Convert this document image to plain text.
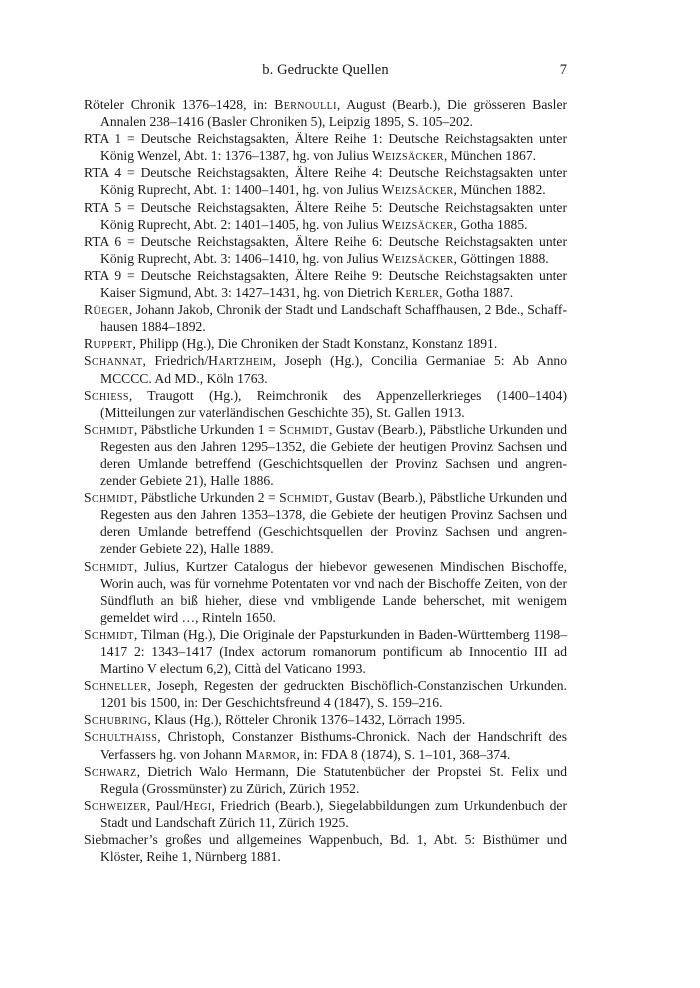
b. Gedruckte Quellen	7
Röteler Chronik 1376–1428, in: Bernoulli, August (Bearb.), Die grösseren Basler Annalen 238–1416 (Basler Chroniken 5), Leipzig 1895, S. 105–202.
RTA 1 = Deutsche Reichstagsakten, Ältere Reihe 1: Deutsche Reichstagsakten unter König Wenzel, Abt. 1: 1376–1387, hg. von Julius Weizsäcker, München 1867.
RTA 4 = Deutsche Reichstagsakten, Ältere Reihe 4: Deutsche Reichstagsakten unter König Ruprecht, Abt. 1: 1400–1401, hg. von Julius Weizsäcker, München 1882.
RTA 5 = Deutsche Reichstagsakten, Ältere Reihe 5: Deutsche Reichstagsakten unter König Ruprecht, Abt. 2: 1401–1405, hg. von Julius Weizsäcker, Gotha 1885.
RTA 6 = Deutsche Reichstagsakten, Ältere Reihe 6: Deutsche Reichstagsakten unter König Ruprecht, Abt. 3: 1406–1410, hg. von Julius Weizsäcker, Göttingen 1888.
RTA 9 = Deutsche Reichstagsakten, Ältere Reihe 9: Deutsche Reichstagsakten unter Kaiser Sigmund, Abt. 3: 1427–1431, hg. von Dietrich Kerler, Gotha 1887.
Rüeger, Johann Jakob, Chronik der Stadt und Landschaft Schaffhausen, 2 Bde., Schaff-hausen 1884–1892.
Ruppert, Philipp (Hg.), Die Chroniken der Stadt Konstanz, Konstanz 1891.
Schannat, Friedrich/Hartzheim, Joseph (Hg.), Concilia Germaniae 5: Ab Anno MCCCC. Ad MD., Köln 1763.
Schiess, Traugott (Hg.), Reimchronik des Appenzellerkrieges (1400–1404) (Mitteilungen zur vaterländischen Geschichte 35), St. Gallen 1913.
Schmidt, Päbstliche Urkunden 1 = Schmidt, Gustav (Bearb.), Päbstliche Urkunden und Regesten aus den Jahren 1295–1352, die Gebiete der heutigen Provinz Sachsen und deren Umlande betreffend (Geschichtsquellen der Provinz Sachsen und angren-zender Gebiete 21), Halle 1886.
Schmidt, Päbstliche Urkunden 2 = Schmidt, Gustav (Bearb.), Päbstliche Urkunden und Regesten aus den Jahren 1353–1378, die Gebiete der heutigen Provinz Sachsen und deren Umlande betreffend (Geschichtsquellen der Provinz Sachsen und angren-zender Gebiete 22), Halle 1889.
Schmidt, Julius, Kurtzer Catalogus der hiebevor gewesenen Mindischen Bischoffe, Worin auch, was für vornehme Potentaten vor vnd nach der Bischoffe Zeiten, von der Sündfluth an biß hieher, diese vnd vmbligende Lande beherschet, mit wenigem gemeldet wird …, Rinteln 1650.
Schmidt, Tilman (Hg.), Die Originale der Papsturkunden in Baden-Württemberg 1198–1417 2: 1343–1417 (Index actorum romanorum pontificum ab Innocentio III ad Martino V electum 6,2), Città del Vaticano 1993.
Schneller, Joseph, Regesten der gedruckten Bischöflich-Constanzischen Urkunden. 1201 bis 1500, in: Der Geschichtsfreund 4 (1847), S. 159–216.
Schubring, Klaus (Hg.), Rötteler Chronik 1376–1432, Lörrach 1995.
Schulthaiss, Christoph, Constanzer Bisthums-Chronick. Nach der Handschrift des Verfassers hg. von Johann Marmor, in: FDA 8 (1874), S. 1–101, 368–374.
Schwarz, Dietrich Walo Hermann, Die Statutenbücher der Propstei St. Felix und Regula (Grossmünster) zu Zürich, Zürich 1952.
Schweizer, Paul/Hegi, Friedrich (Bearb.), Siegelabbildungen zum Urkundenbuch der Stadt und Landschaft Zürich 11, Zürich 1925.
Siebmacher’s großes und allgemeines Wappenbuch, Bd. 1, Abt. 5: Bisthümer und Klöster, Reihe 1, Nürnberg 1881.
